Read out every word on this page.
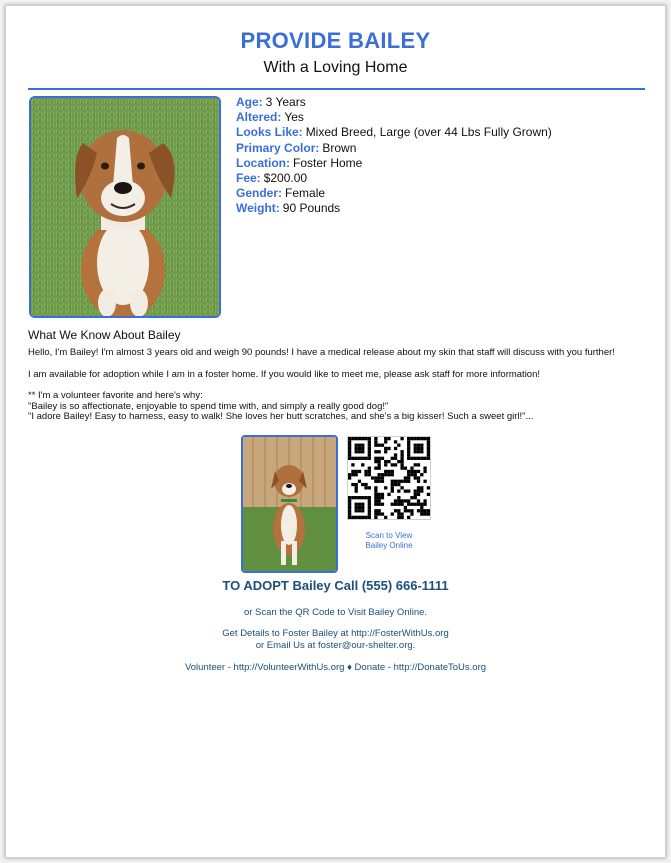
PROVIDE BAILEY
With a Loving Home
Age: 3 Years
Altered: Yes
Looks Like: Mixed Breed, Large (over 44 Lbs Fully Grown)
Primary Color: Brown
Location: Foster Home
Fee: $200.00
Gender: Female
Weight: 90 Pounds
What We Know About Bailey

Hello, I'm Bailey! I'm almost 3 years old and weigh 90 pounds! I have a medical release about my skin that staff will discuss with you further!

I am available for adoption while I am in a foster home. If you would like to meet me, please ask staff for more information!

** I'm a volunteer favorite and here's why:

"Bailey is so affectionate, enjoyable to spend time with, and simply a really good dog!"

"I adore Bailey! Easy to harness, easy to walk! She loves her butt scratches, and she's a big kisser! Such a sweet girl!"...

Scan to View
Bailey Online
TO ADOPT Bailey Call (555) 666-1111
or Scan the QR Code to Visit Bailey Online.
Get Details to Foster Bailey at http://FosterWithUs.org
or Email Us at foster@our-shelter.org.
Volunteer - http://VolunteerWithUs.org ♦ Donate - http://DonateToUs.org
